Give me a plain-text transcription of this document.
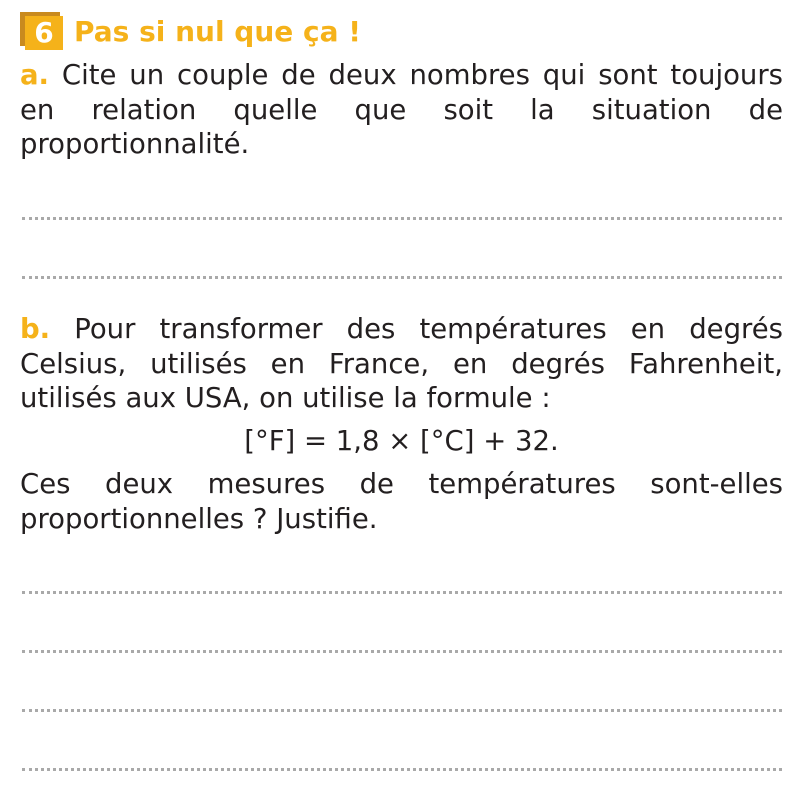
6 Pas si nul que ça !
a. Cite un couple de deux nombres qui sont toujours en relation quelle que soit la situation de proportionnalité.
b. Pour transformer des températures en degrés Celsius, utilisés en France, en degrés Fahrenheit, utilisés aux USA, on utilise la formule :
[°F] = 1,8 × [°C] + 32.
Ces deux mesures de températures sont-elles proportionnelles ? Justifie.
